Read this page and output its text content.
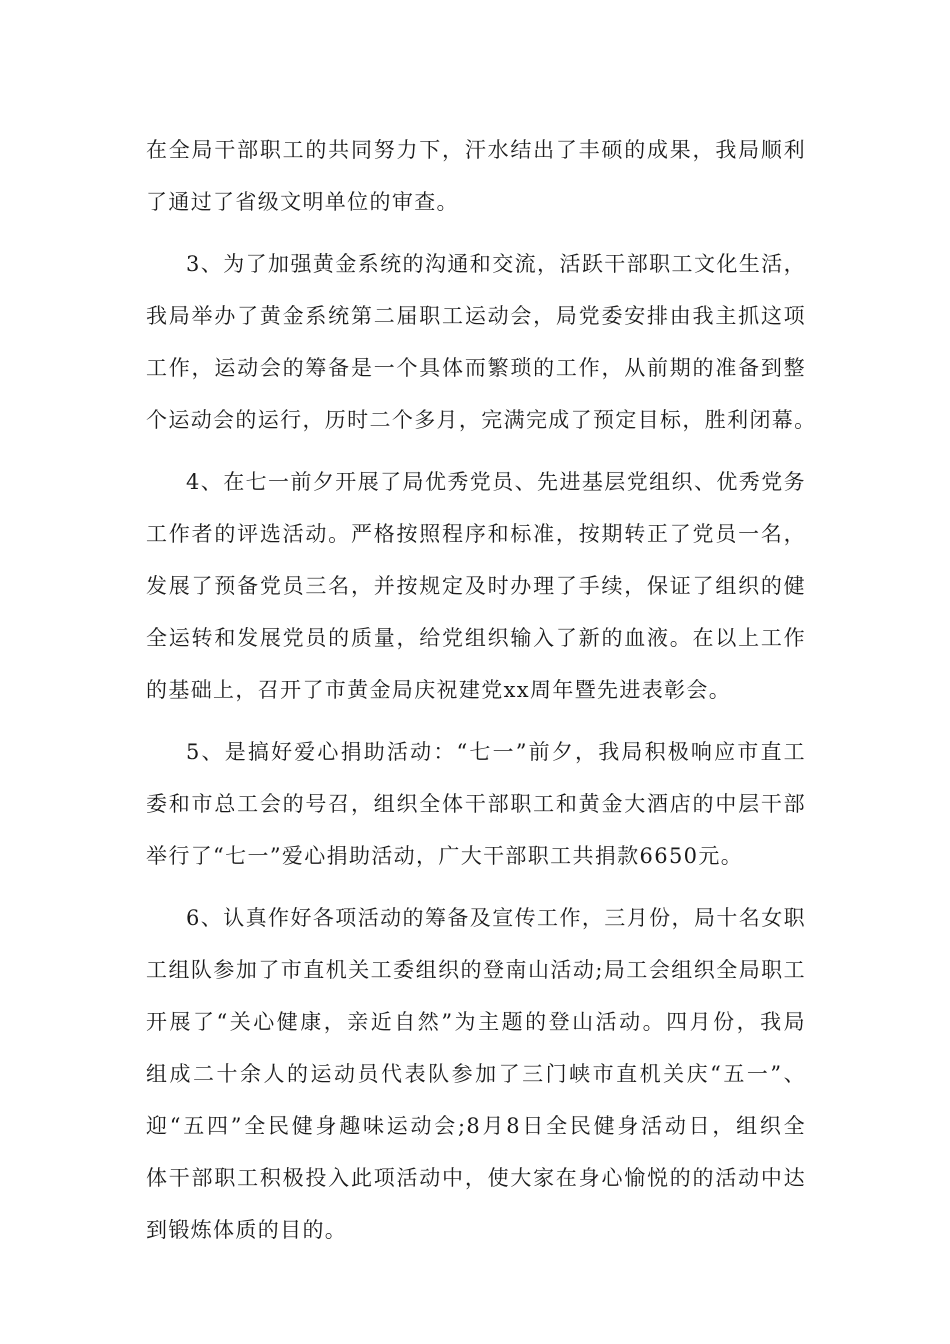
在全局干部职工的共同努力下，汗水结出了丰硕的成果，我局顺利
了通过了省级文明单位的审查。
3、为了加强黄金系统的沟通和交流，活跃干部职工文化生活，
我局举办了黄金系统第二届职工运动会，局党委安排由我主抓这项
工作，运动会的筹备是一个具体而繁琐的工作，从前期的准备到整
个运动会的运行，历时二个多月，完满完成了预定目标，胜利闭幕。
4、在七一前夕开展了局优秀党员、先进基层党组织、优秀党务
工作者的评选活动。严格按照程序和标准，按期转正了党员一名，
发展了预备党员三名，并按规定及时办理了手续，保证了组织的健
全运转和发展党员的质量，给党组织输入了新的血液。在以上工作
的基础上，召开了市黄金局庆祝建党xx周年暨先进表彰会。
5、是搞好爱心捐助活动：“七一”前夕，我局积极响应市直工
委和市总工会的号召，组织全体干部职工和黄金大酒店的中层干部
举行了“七一”爱心捐助活动，广大干部职工共捐款6650元。
6、认真作好各项活动的筹备及宣传工作，三月份，局十名女职
工组队参加了市直机关工委组织的登南山活动;局工会组织全局职工
开展了“关心健康，亲近自然”为主题的登山活动。四月份，我局
组成二十余人的运动员代表队参加了三门峡市直机关庆“五一”、
迎“五四”全民健身趣味运动会;8月8日全民健身活动日，组织全
体干部职工积极投入此项活动中，使大家在身心愉悦的的活动中达
到锻炼体质的目的。
